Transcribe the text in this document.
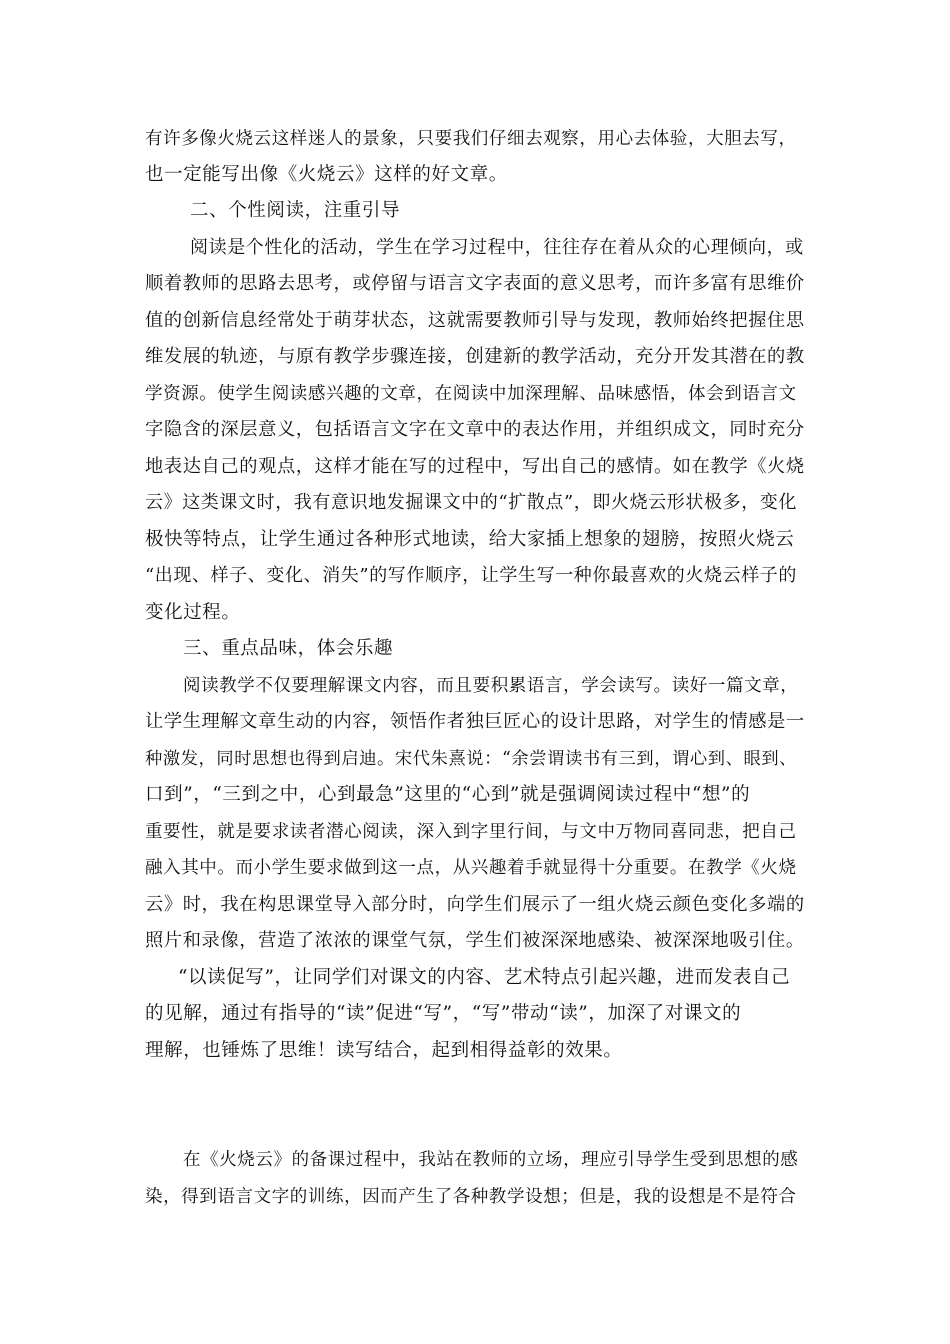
有许多像火烧云这样迷人的景象，只要我们仔细去观察，用心去体验，大胆去写，

也一定能写出像《火烧云》这样的好文章。

二、个性阅读，注重引导

阅读是个性化的活动，学生在学习过程中，往往存在着从众的心理倾向，或

顺着教师的思路去思考，或停留与语言文字表面的意义思考，而许多富有思维价

值的创新信息经常处于萌芽状态，这就需要教师引导与发现，教师始终把握住思

维发展的轨迹，与原有教学步骤连接，创建新的教学活动，充分开发其潜在的教

学资源。使学生阅读感兴趣的文章，在阅读中加深理解、品味感悟，体会到语言文

字隐含的深层意义，包括语言文字在文章中的表达作用，并组织成文，同时充分

地表达自己的观点，这样才能在写的过程中，写出自己的感情。如在教学《火烧

云》这类课文时，我有意识地发掘课文中的“扩散点”，即火烧云形状极多，变化

极快等特点，让学生通过各种形式地读，给大家插上想象的翅膀，按照火烧云

“出现、样子、变化、消失”的写作顺序，让学生写一种你最喜欢的火烧云样子的

变化过程。

三、重点品味，体会乐趣

阅读教学不仅要理解课文内容，而且要积累语言，学会读写。读好一篇文章，

让学生理解文章生动的内容，领悟作者独巨匠心的设计思路，对学生的情感是一

种激发，同时思想也得到启迪。宋代朱熹说：“余尝谓读书有三到，谓心到、眼到、

口到”，“三到之中，心到最急”这里的“心到”就是强调阅读过程中“想”的

重要性，就是要求读者潜心阅读，深入到字里行间，与文中万物同喜同悲，把自己

融入其中。而小学生要求做到这一点，从兴趣着手就显得十分重要。在教学《火烧

云》时，我在构思课堂导入部分时，向学生们展示了一组火烧云颜色变化多端的

照片和录像，营造了浓浓的课堂气氛，学生们被深深地感染、被深深地吸引住。

“以读促写”，让同学们对课文的内容、艺术特点引起兴趣，进而发表自己

的见解，通过有指导的“读”促进“写”，“写”带动“读”，加深了对课文的

理解，也锤炼了思维！读写结合，起到相得益彰的效果。

在《火烧云》的备课过程中，我站在教师的立场，理应引导学生受到思想的感

染，得到语言文字的训练，因而产生了各种教学设想；但是，我的设想是不是符合
